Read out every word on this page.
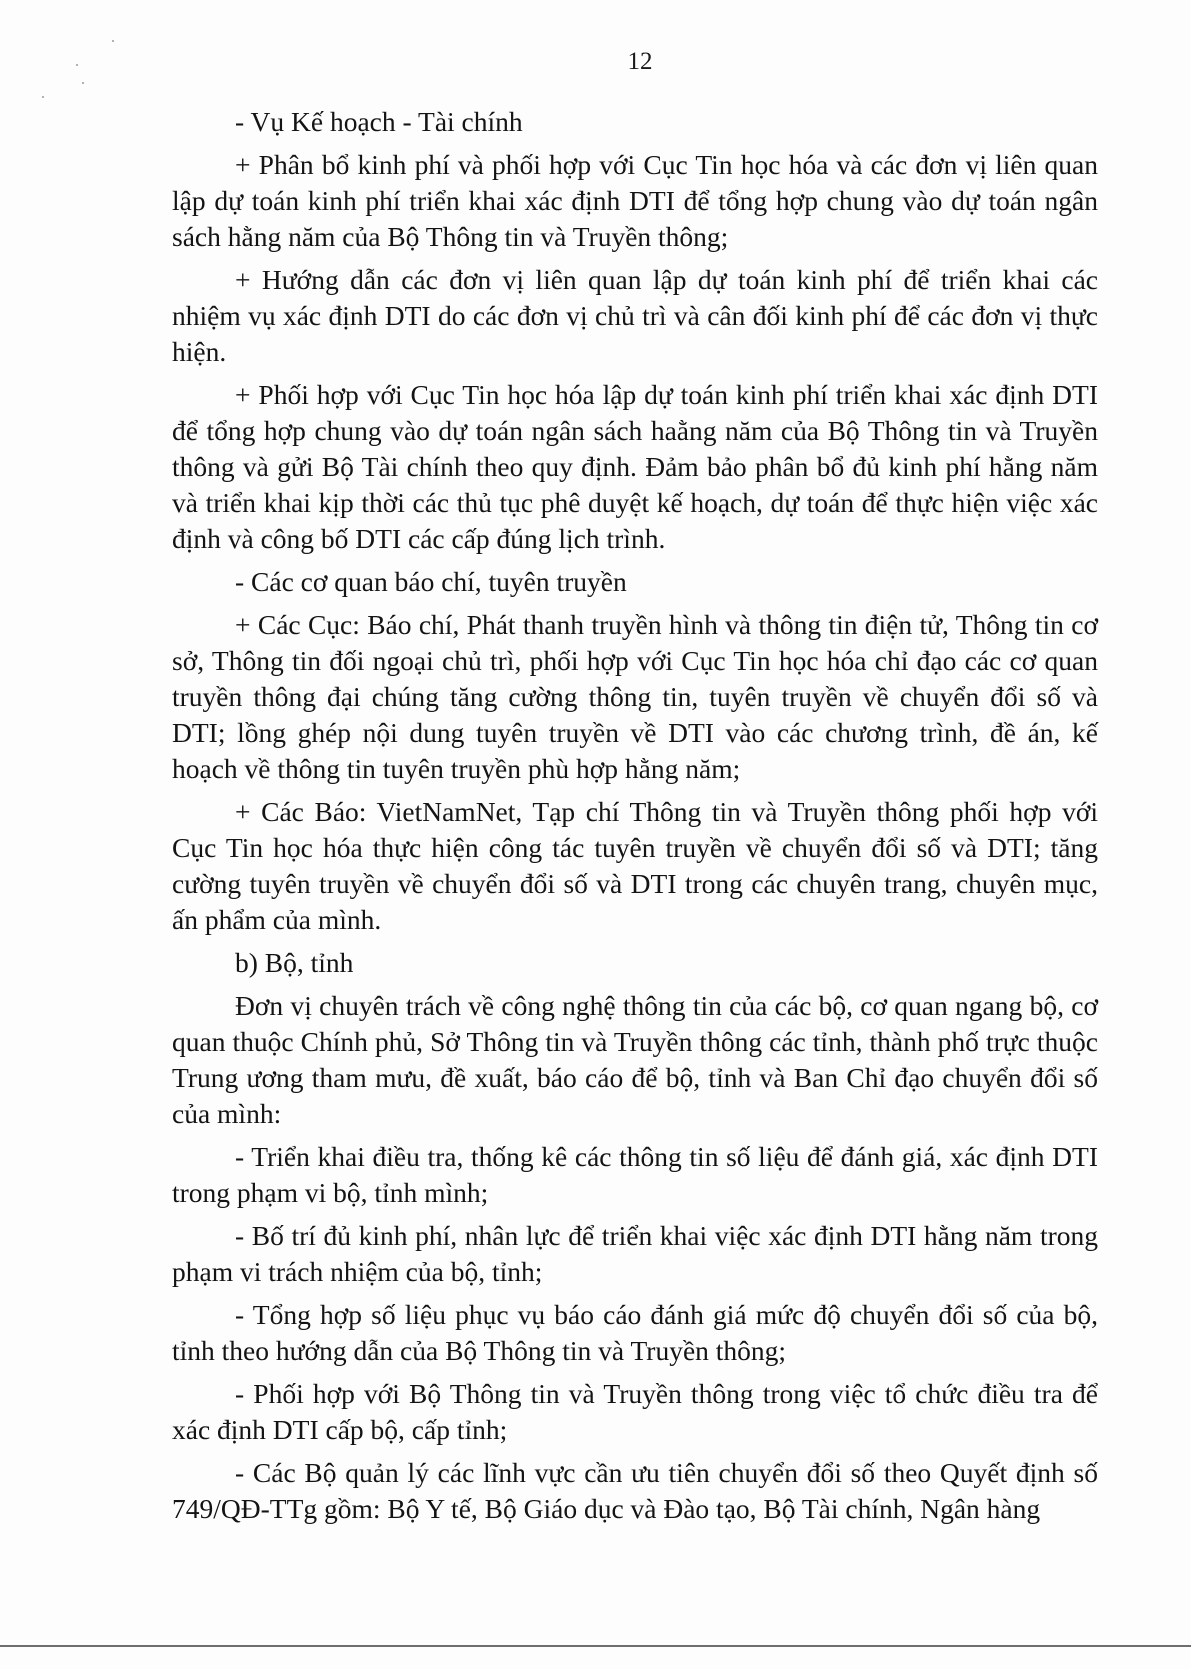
12

- Vụ Kế hoạch - Tài chính

+ Phân bổ kinh phí và phối hợp với Cục Tin học hóa và các đơn vị liên quan lập dự toán kinh phí triển khai xác định DTI để tổng hợp chung vào dự toán ngân sách hằng năm của Bộ Thông tin và Truyền thông;

+ Hướng dẫn các đơn vị liên quan lập dự toán kinh phí để triển khai các nhiệm vụ xác định DTI do các đơn vị chủ trì và cân đối kinh phí để các đơn vị thực hiện.

+ Phối hợp với Cục Tin học hóa lập dự toán kinh phí triển khai xác định DTI để tổng hợp chung vào dự toán ngân sách haằng năm của Bộ Thông tin và Truyền thông và gửi Bộ Tài chính theo quy định. Đảm bảo phân bổ đủ kinh phí hằng năm và triển khai kịp thời các thủ tục phê duyệt kế hoạch, dự toán để thực hiện việc xác định và công bố DTI các cấp đúng lịch trình.

- Các cơ quan báo chí, tuyên truyền

+ Các Cục: Báo chí, Phát thanh truyền hình và thông tin điện tử, Thông tin cơ sở, Thông tin đối ngoại chủ trì, phối hợp với Cục Tin học hóa chỉ đạo các cơ quan truyền thông đại chúng tăng cường thông tin, tuyên truyền về chuyển đổi số và DTI; lồng ghép nội dung tuyên truyền về DTI vào các chương trình, đề án, kế hoạch về thông tin tuyên truyền phù hợp hằng năm;

+ Các Báo: VietNamNet, Tạp chí Thông tin và Truyền thông phối hợp với Cục Tin học hóa thực hiện công tác tuyên truyền về chuyển đổi số và DTI; tăng cường tuyên truyền về chuyển đổi số và DTI trong các chuyên trang, chuyên mục, ấn phẩm của mình.

b) Bộ, tỉnh

Đơn vị chuyên trách về công nghệ thông tin của các bộ, cơ quan ngang bộ, cơ quan thuộc Chính phủ, Sở Thông tin và Truyền thông các tỉnh, thành phố trực thuộc Trung ương tham mưu, đề xuất, báo cáo để bộ, tỉnh và Ban Chỉ đạo chuyển đổi số của mình:

- Triển khai điều tra, thống kê các thông tin số liệu để đánh giá, xác định DTI trong phạm vi bộ, tỉnh mình;

- Bố trí đủ kinh phí, nhân lực để triển khai việc xác định DTI hằng năm trong phạm vi trách nhiệm của bộ, tỉnh;

- Tổng hợp số liệu phục vụ báo cáo đánh giá mức độ chuyển đổi số của bộ, tỉnh theo hướng dẫn của Bộ Thông tin và Truyền thông;

- Phối hợp với Bộ Thông tin và Truyền thông trong việc tổ chức điều tra để xác định DTI cấp bộ, cấp tỉnh;

- Các Bộ quản lý các lĩnh vực cần ưu tiên chuyển đổi số theo Quyết định số 749/QĐ-TTg gồm: Bộ Y tế, Bộ Giáo dục và Đào tạo, Bộ Tài chính, Ngân hàng
